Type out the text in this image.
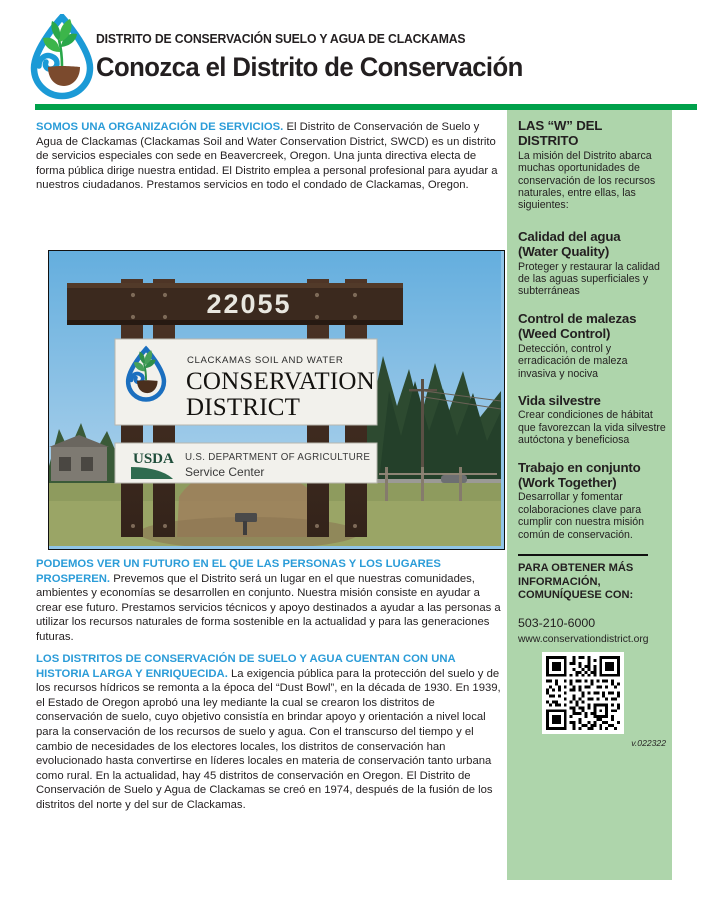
DISTRITO DE CONSERVACIÓN SUELO Y AGUA DE CLACKAMAS
Conozca el Distrito de Conservación

SOMOS UNA ORGANIZACIÓN DE SERVICIOS. El Distrito de Conservación de Suelo y Agua de Clackamas (Clackamas Soil and Water Conservation District, SWCD) es un distrito de servicios especiales con sede en Beavercreek, Oregon. Una junta directiva electa de forma pública dirige nuestra entidad. El Distrito emplea a personal profesional para ayudar a nuestros ciudadanos. Prestamos servicios en todo el condado de Clackamas, Oregon.

22055
CLACKAMAS SOIL AND WATER
CONSERVATION
DISTRICT
USDA U.S. DEPARTMENT OF AGRICULTURE
Service Center

PODEMOS VER UN FUTURO EN EL QUE LAS PERSONAS Y LOS LUGARES PROSPEREN. Prevemos que el Distrito será un lugar en el que nuestras comunidades, ambientes y economías se desarrollen en conjunto. Nuestra misión consiste en ayudar a crear ese futuro. Prestamos servicios técnicos y apoyo destinados a ayudar a las personas a utilizar los recursos naturales de forma sostenible en la actualidad y para las generaciones futuras.

LOS DISTRITOS DE CONSERVACIÓN DE SUELO Y AGUA CUENTAN CON UNA HISTORIA LARGA Y ENRIQUECIDA. La exigencia pública para la protección del suelo y de los recursos hídricos se remonta a la época del “Dust Bowl”, en la década de 1930. En 1939, el Estado de Oregon aprobó una ley mediante la cual se crearon los distritos de conservación de suelo, cuyo objetivo consistía en brindar apoyo y orientación a nivel local para la conservación de los recursos de suelo y agua. Con el transcurso del tiempo y el cambio de necesidades de los electores locales, los distritos de conservación han evolucionado hasta convertirse en líderes locales en materia de conservación tanto urbana como rural. En la actualidad, hay 45 distritos de conservación en Oregon. El Distrito de Conservación de Suelo y Agua de Clackamas se creó en 1974, después de la fusión de los distritos del norte y del sur de Clackamas.

LAS “W” DEL
DISTRITO
La misión del Distrito abarca muchas oportunidades de conservación de los recursos naturales, entre ellas, las siguientes:
Calidad del agua
(Water Quality)
Proteger y restaurar la calidad de las aguas superficiales y subterráneas
Control de malezas
(Weed Control)
Detección, control y erradicación de maleza invasiva y nociva
Vida silvestre
Crear condiciones de hábitat que favorezcan la vida silvestre autóctona y beneficiosa
Trabajo en conjunto
(Work Together)
Desarrollar y fomentar colaboraciones clave para cumplir con nuestra misión común de conservación.
PARA OBTENER MÁS
INFORMACIÓN,
COMUNÍQUESE CON:
503-210-6000
www.conservationdistrict.org
v.022322
